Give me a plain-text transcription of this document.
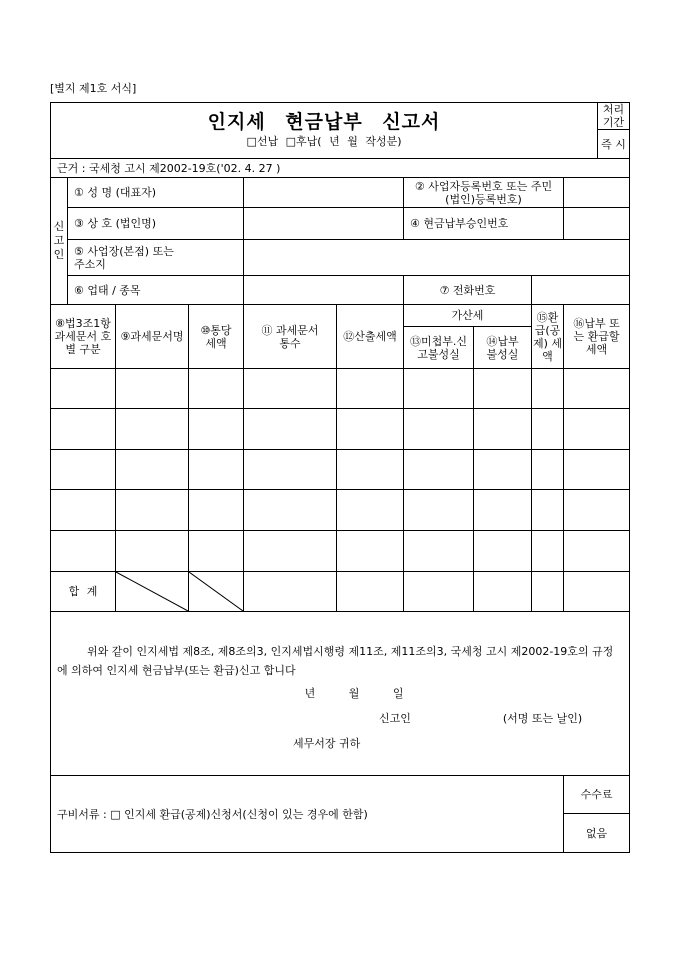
[별지 제1호 서식]
인지세 현금납부 신고서
□선납 □후납( 년 월 작성분)										처리기간
										즉 시
근거 : 국세청 고시 제2002-19호('02. 4. 27 )										

신
고
인	① 성 명 (대표자)					② 사업자등록번호 또는 주민(법인)등록번호)				
	③ 상 호 (법인명)					④ 현금납부승인번호				
	⑤ 사업장(본점) 또는 주소지									
	⑥ 업태 / 종목					⑦ 전화번호				
⑧법3조1항 과세문서 호별 구분		⑨과세문서명	⑩통당 세액	⑪ 과세문서 통수	⑫산출세액	가산세		⑮환급(공제) 세액	⑯납부 또는 환급할 세액	
						⑬미첩부.신고불성실	⑭납부 불성실			

합 계	

위와 같이 인지세법 제8조, 제8조의3, 인지세법시행령 제11조, 제11조의3, 국세청 고시 제2002-19호의 규정에 의하여 인지세 현금납부(또는 환급)신고 합니다

년 월 일

신고인 (서명 또는 날인)

세무서장 귀하										

구비서류 : □ 인지세 환급(공제)신청서(신청이 있는 경우에 한함)									수수료	
									없음	
